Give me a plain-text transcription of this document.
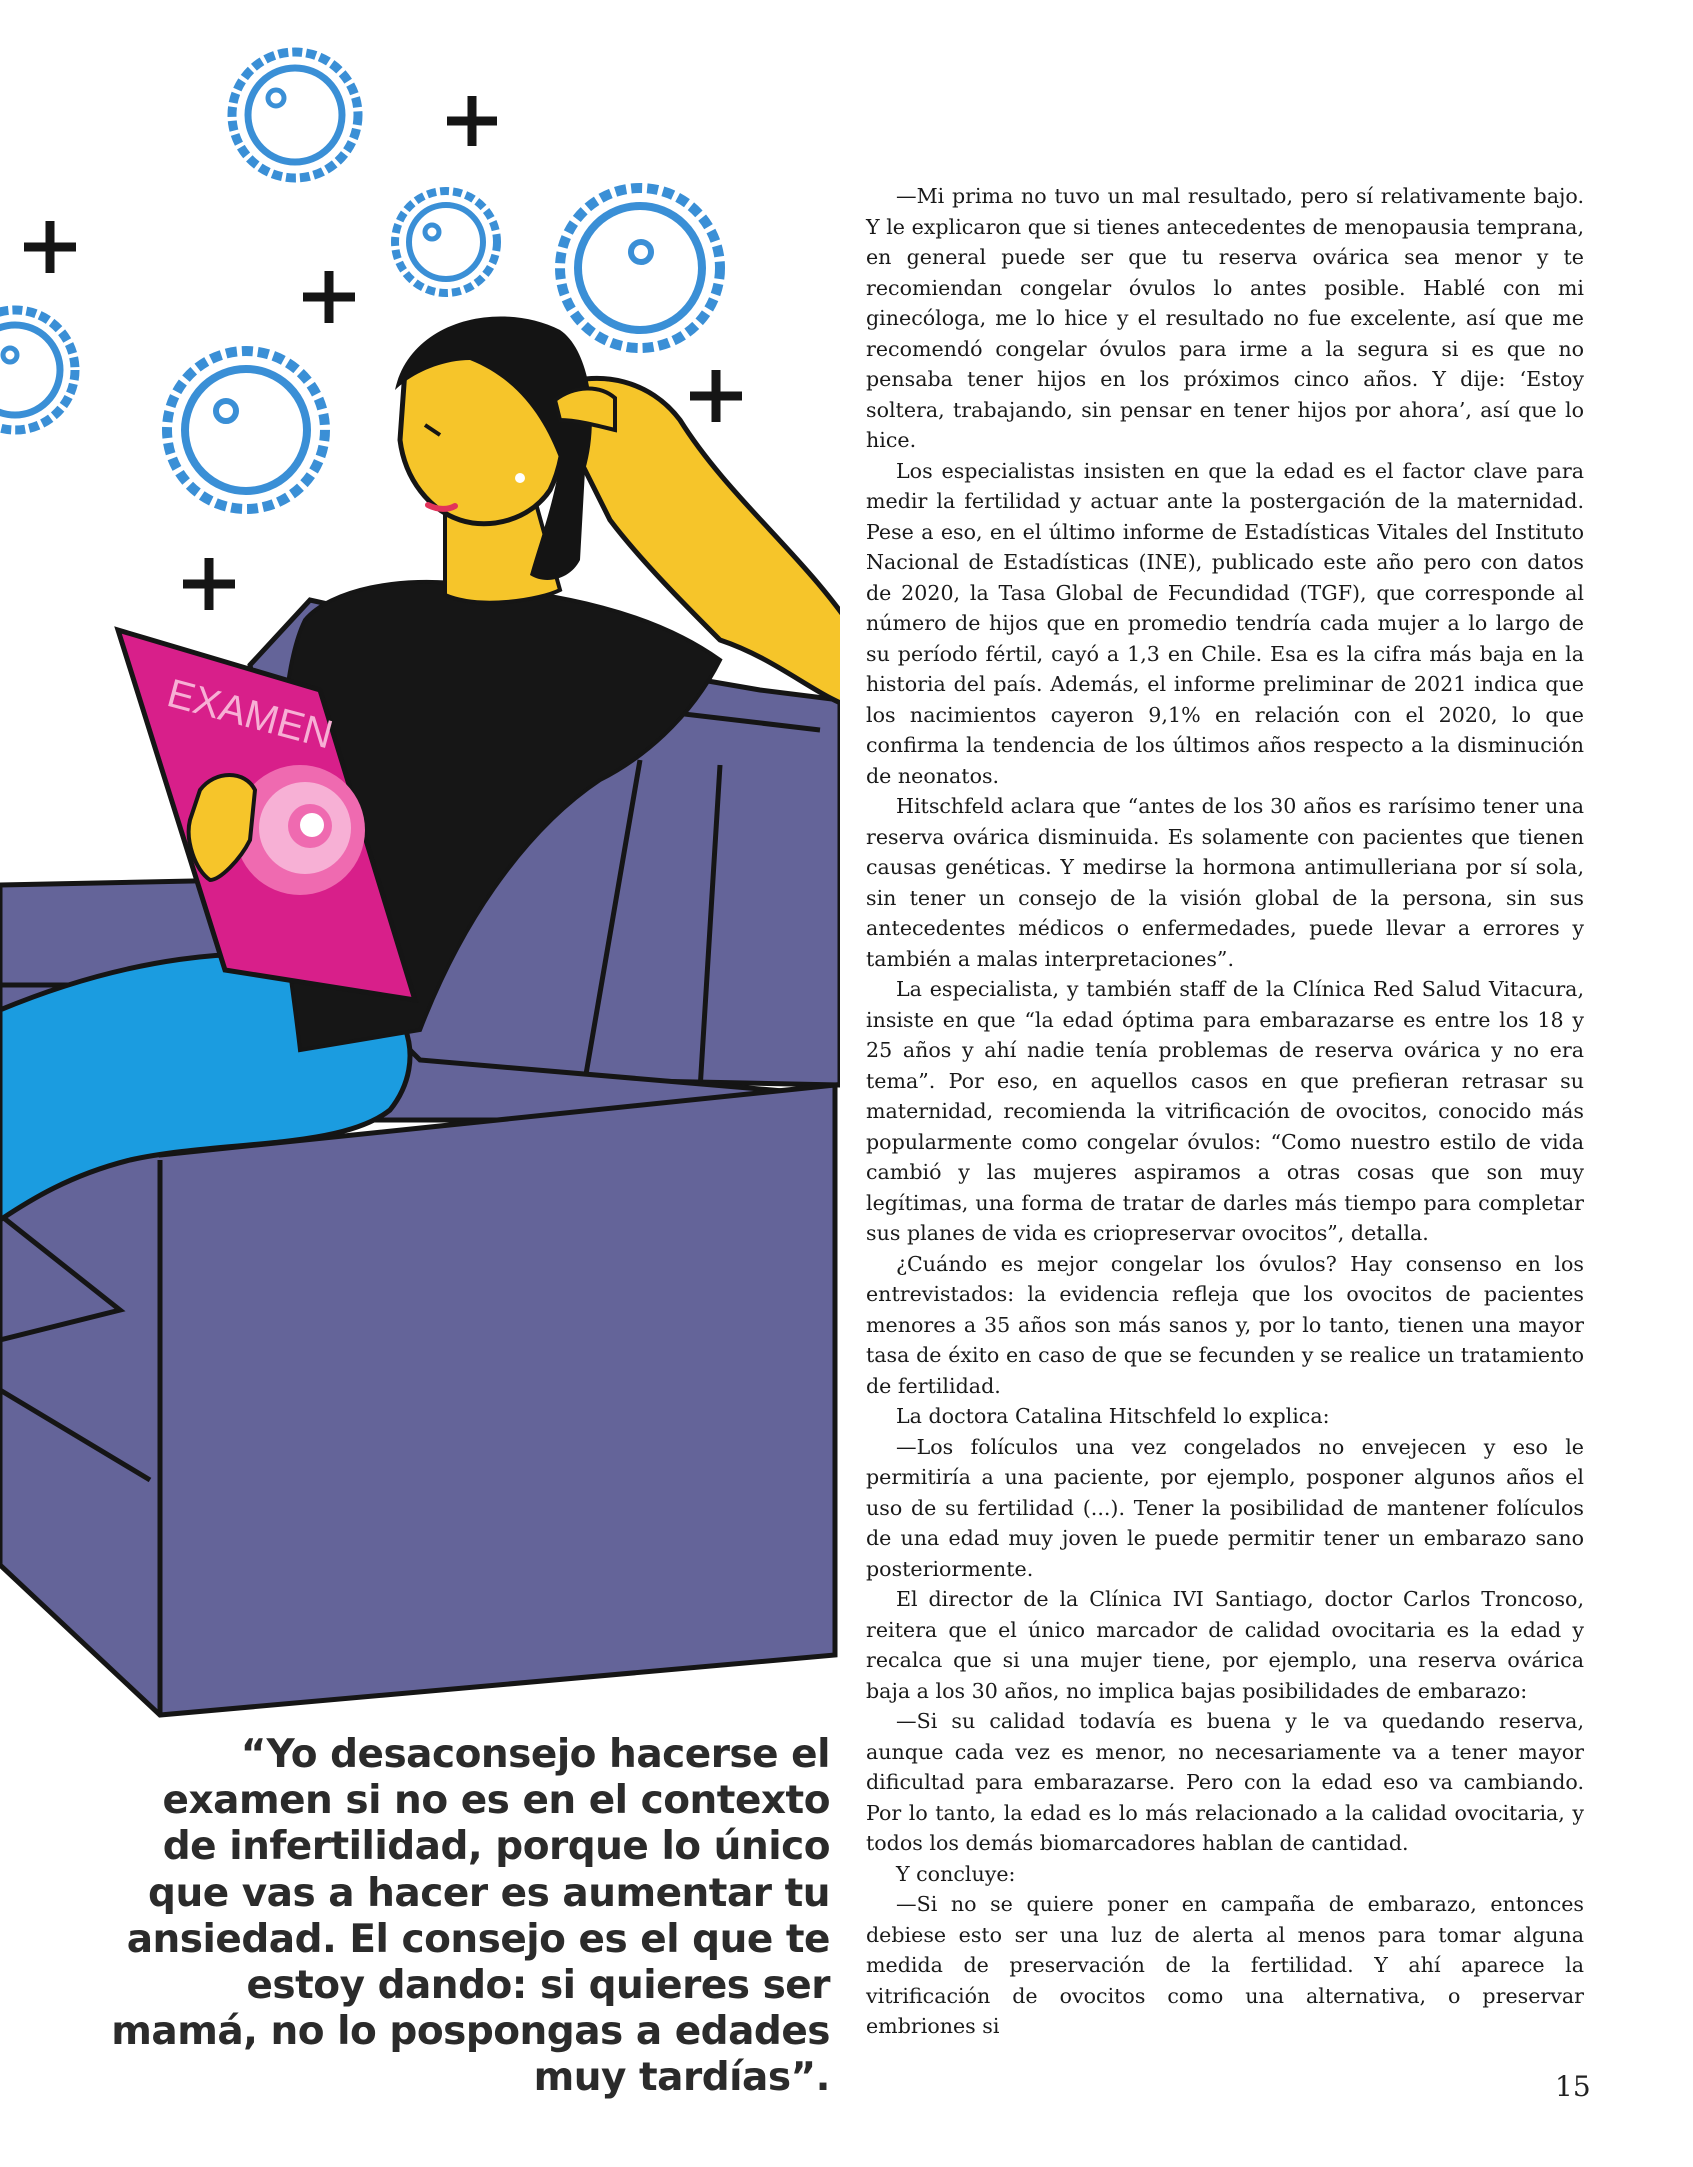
EXAMEN

—Mi prima no tuvo un mal resultado, pero sí relativamente bajo. Y le explicaron que si tienes antecedentes de menopausia temprana, en general puede ser que tu reserva ovárica sea menor y te recomiendan congelar óvulos lo antes posible. Hablé con mi ginecóloga, me lo hice y el resultado no fue excelente, así que me recomendó congelar óvulos para irme a la segura si es que no pensaba tener hijos en los próximos cinco años. Y dije: ‘Estoy soltera, trabajando, sin pensar en tener hijos por ahora’, así que lo hice.

Los especialistas insisten en que la edad es el factor clave para medir la fertilidad y actuar ante la postergación de la maternidad. Pese a eso, en el último informe de Estadísticas Vitales del Instituto Nacional de Estadísticas (INE), publicado este año pero con datos de 2020, la Tasa Global de Fecundidad (TGF), que corresponde al número de hijos que en promedio tendría cada mujer a lo largo de su período fértil, cayó a 1,3 en Chile. Esa es la cifra más baja en la historia del país. Además, el informe preliminar de 2021 indica que los nacimientos cayeron 9,1% en relación con el 2020, lo que confirma la tendencia de los últimos años respecto a la disminución de neonatos.

Hitschfeld aclara que “antes de los 30 años es rarísimo tener una reserva ovárica disminuida. Es solamente con pacientes que tienen causas genéticas. Y medirse la hormona antimulleriana por sí sola, sin tener un consejo de la visión global de la persona, sin sus antecedentes médicos o enfermedades, puede llevar a errores y también a malas interpretaciones”.

La especialista, y también staff de la Clínica Red Salud Vitacura, insiste en que “la edad óptima para embarazarse es entre los 18 y 25 años y ahí nadie tenía problemas de reserva ovárica y no era tema”. Por eso, en aquellos casos en que prefieran retrasar su maternidad, recomienda la vitrificación de ovocitos, conocido más popularmente como congelar óvulos: “Como nuestro estilo de vida cambió y las mujeres aspiramos a otras cosas que son muy legítimas, una forma de tratar de darles más tiempo para completar sus planes de vida es criopreservar ovocitos”, detalla.

¿Cuándo es mejor congelar los óvulos? Hay consenso en los entrevistados: la evidencia refleja que los ovocitos de pacientes menores a 35 años son más sanos y, por lo tanto, tienen una mayor tasa de éxito en caso de que se fecunden y se realice un tratamiento de fertilidad.

La doctora Catalina Hitschfeld lo explica:

—Los folículos una vez congelados no envejecen y eso le permitiría a una paciente, por ejemplo, posponer algunos años el uso de su fertilidad (...). Tener la posibilidad de mantener folículos de una edad muy joven le puede permitir tener un embarazo sano posteriormente.

El director de la Clínica IVI Santiago, doctor Carlos Troncoso, reitera que el único marcador de calidad ovocitaria es la edad y recalca que si una mujer tiene, por ejemplo, una reserva ovárica baja a los 30 años, no implica bajas posibilidades de embarazo:

—Si su calidad todavía es buena y le va quedando reserva, aunque cada vez es menor, no necesariamente va a tener mayor dificultad para embarazarse. Pero con la edad eso va cambiando. Por lo tanto, la edad es lo más relacionado a la calidad ovocitaria, y todos los demás biomarcadores hablan de cantidad.

Y concluye:

—Si no se quiere poner en campaña de embarazo, entonces debiese esto ser una luz de alerta al menos para tomar alguna medida de preservación de la fertilidad. Y ahí aparece la vitrificación de ovocitos como una alternativa, o preservar embriones si

“Yo desaconsejo hacerse el examen si no es en el contexto de infertilidad, porque lo único que vas a hacer es aumentar tu ansiedad. El consejo es el que te estoy dando: si quieres ser mamá, no lo pospongas a edades muy tardías”.	15
